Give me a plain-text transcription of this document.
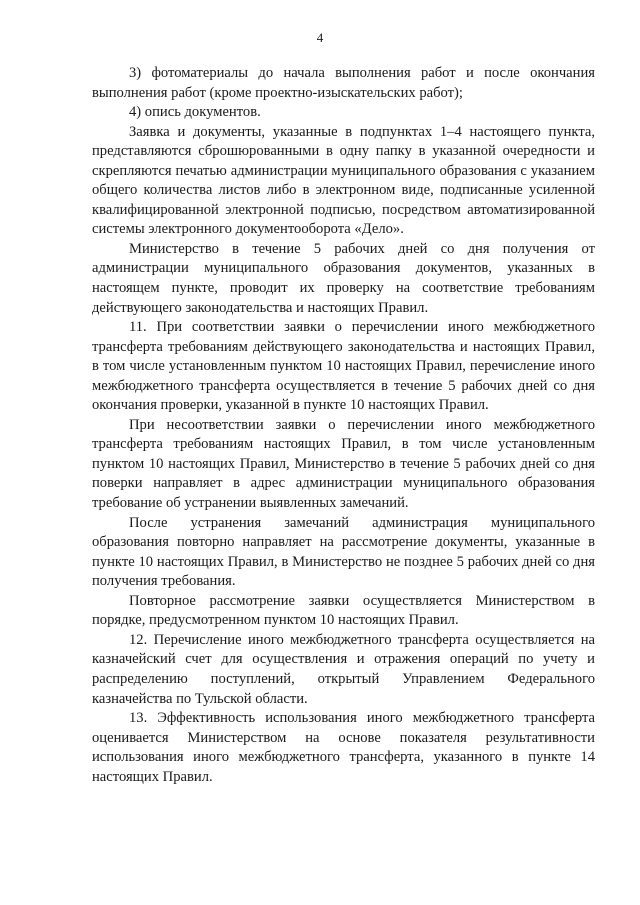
4

3) фотоматериалы до начала выполнения работ и после окончания выполнения работ (кроме проектно-изыскательских работ);

4) опись документов.

Заявка и документы, указанные в подпунктах 1–4 настоящего пункта, представляются сброшюрованными в одну папку в указанной очередности и скрепляются печатью администрации муниципального образования с указанием общего количества листов либо в электронном виде, подписанные усиленной квалифицированной электронной подписью, посредством автоматизированной системы электронного документооборота «Дело».

Министерство в течение 5 рабочих дней со дня получения от администрации муниципального образования документов, указанных в настоящем пункте, проводит их проверку на соответствие требованиям действующего законодательства и настоящих Правил.

11. При соответствии заявки о перечислении иного межбюджетного трансферта требованиям действующего законодательства и настоящих Правил, в том числе установленным пунктом 10 настоящих Правил, перечисление иного межбюджетного трансферта осуществляется в течение 5 рабочих дней со дня окончания проверки, указанной в пункте 10 настоящих Правил.

При несоответствии заявки о перечислении иного межбюджетного трансферта требованиям настоящих Правил, в том числе установленным пунктом 10 настоящих Правил, Министерство в течение 5 рабочих дней со дня поверки направляет в адрес администрации муниципального образования требование об устранении выявленных замечаний.

После устранения замечаний администрация муниципального образования повторно направляет на рассмотрение документы, указанные в пункте 10 настоящих Правил, в Министерство не позднее 5 рабочих дней со дня получения требования.

Повторное рассмотрение заявки осуществляется Министерством в порядке, предусмотренном пунктом 10 настоящих Правил.

12. Перечисление иного межбюджетного трансферта осуществляется на казначейский счет для осуществления и отражения операций по учету и распределению поступлений, открытый Управлением Федерального казначейства по Тульской области.

13. Эффективность использования иного межбюджетного трансферта оценивается Министерством на основе показателя результативности использования иного межбюджетного трансферта, указанного в пункте 14 настоящих Правил.
